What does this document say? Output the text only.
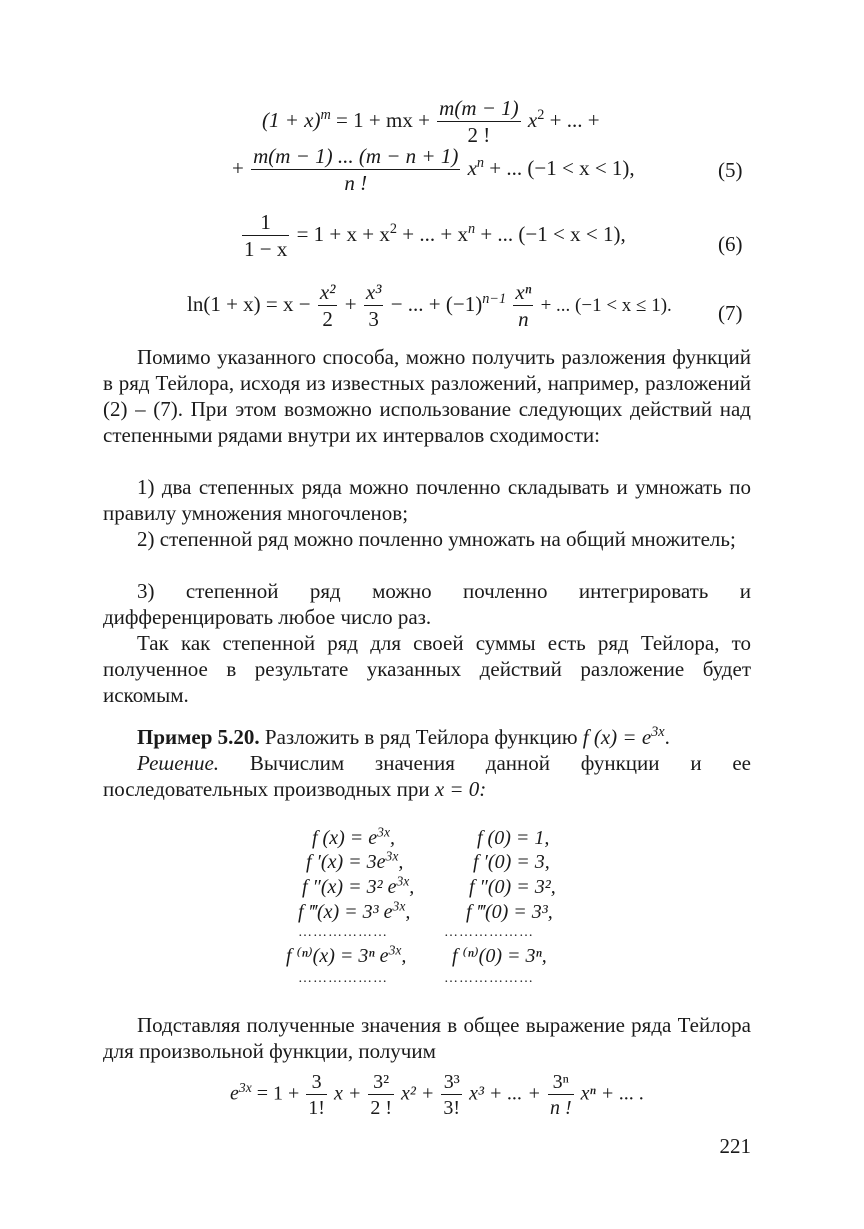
$(1 + x)^m = 1$ + mx + $\frac{m(m - 1)}{2 !} x^2$ + ... +
+ $\frac{m(m - 1) ... (m - n + 1)}{n !} x^n$ + ... (−1 < x < 1),	(5)
$\frac{1}{1 - x} = 1 + x + x^2$ + ... + $x^n$ + ... (−1 < x < 1),	(6)
$\ln(1 + x) = x - \frac{\text{x²}}{2} + \frac{\text{x³}}{3}$ − ... + $(-1)^{n-1} \frac{\text{xⁿ}}{n}$ + ... (−1 < x ≤ 1). (7)

Помимо указанного способа, можно получить разложения функций в ряд Тейлора, исходя из известных разложений, например, разложений (2) – (7). При этом возможно использование следующих действий над степенными рядами внутри их интервалов сходимости:

1) два степенных ряда можно почленно складывать и умножать по правилу умножения многочленов;

2) степенной ряд можно почленно умножать на общий множитель;

3) степенной ряд можно почленно интегрировать и дифференцировать любое число раз.

Так как степенной ряд для своей суммы есть ряд Тейлора, то полученное в результате указанных действий разложение будет искомым.

Пример 5.20. Разложить в ряд Тейлора функцию f $(x) = e^{3x}$.

Решение. Вычислим значения данной функции и ее последовательных производных при x = 0:

f $(x) = e^{3x}$,	f (0) = 1,
f $'(x) = 3e^{3x}$,	f ′(0) = 3,
f ″(x) = 3² $e^{3x}$,	f ″(0) = 3²,
f ‴(x) = 3³ $e^{3x}$,	f ‴(0) = 3³,
………………	………………
f ⁽ⁿ⁾(x) = 3ⁿ $e^{3x}$, f ⁽ⁿ⁾(0) = 3ⁿ,
………………	………………

Подставляя полученные значения в общее выражение ряда Тейлора для произвольной функции, получим

$e^{3x} = 1 + \frac{3}{1!}$ $x + \frac{\text{3²}}{2 !} x^2 + \frac{\text{3³}}{3!} x^3$ + ... + $\frac{\text{3ⁿ}}{n !}$ xⁿ + ... .
221
